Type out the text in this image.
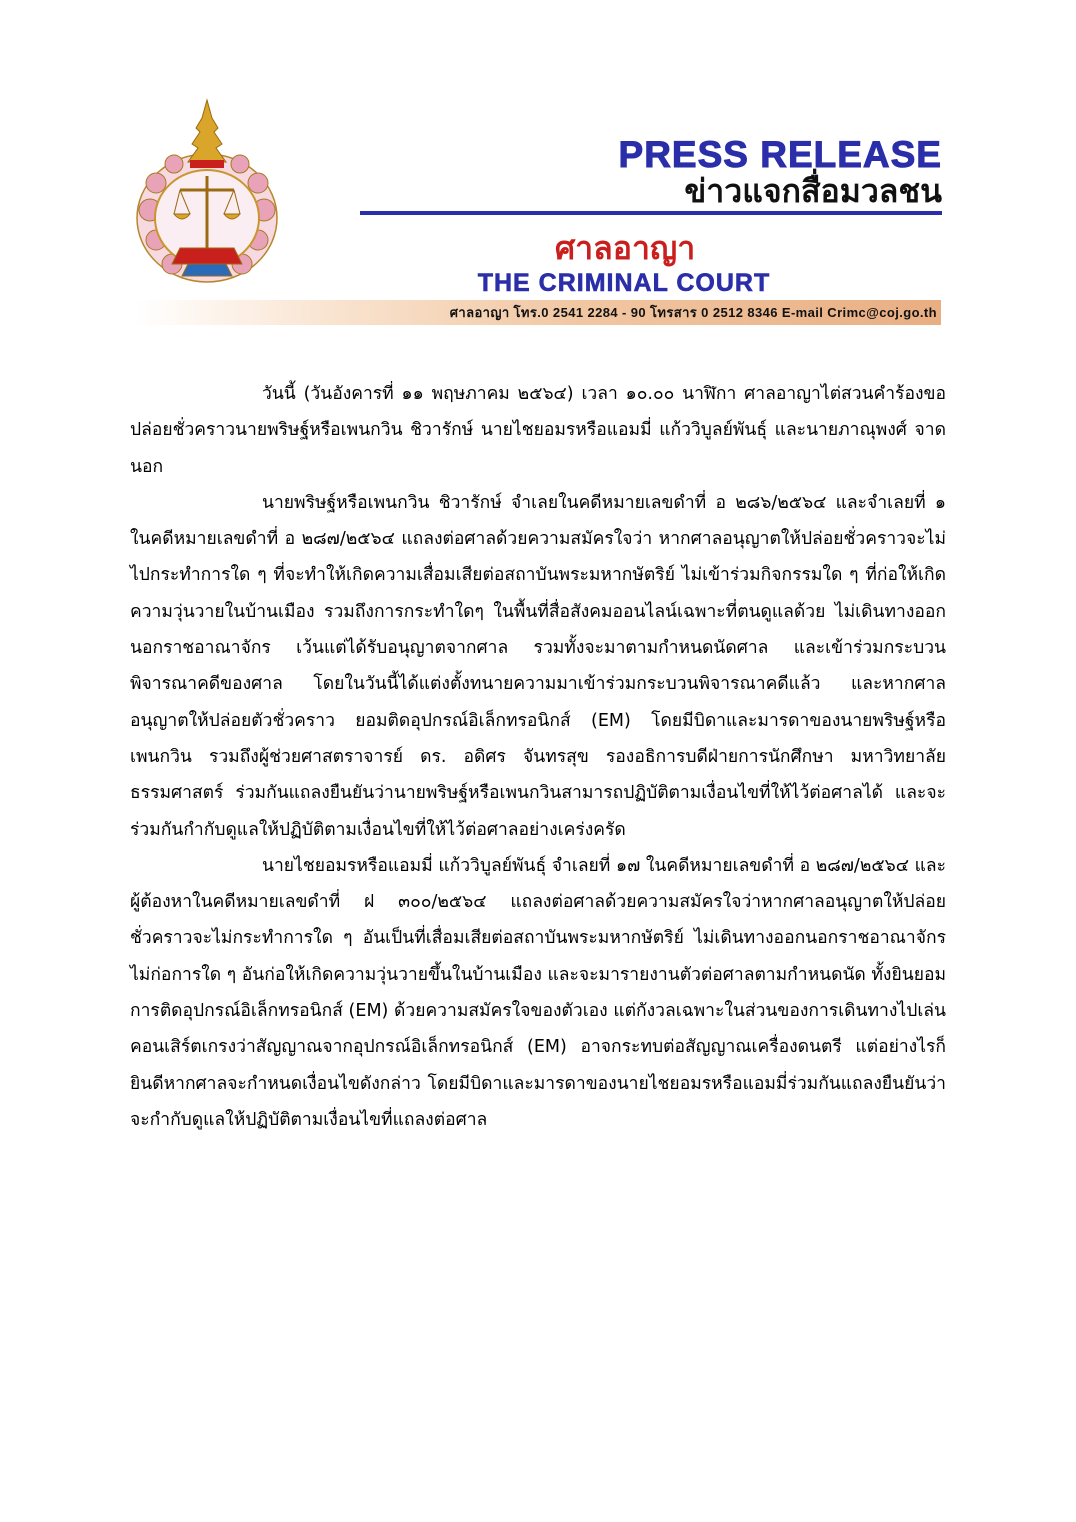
PRESS RELEASE
ข่าวแจกสื่อมวลชน
ศาลอาญา
THE CRIMINAL COURT
ศาลอาญา โทร.0 2541 2284 - 90 โทรสาร 0 2512 8346 E-mail Crimc@coj.go.th

วันนี้ (วันอังคารที่ ๑๑ พฤษภาคม ๒๕๖๔) เวลา ๑๐.๐๐ นาฬิกา ศาลอาญาไต่สวนคำร้องขอปล่อยชั่วคราวนายพริษฐ์หรือเพนกวิน ชิวารักษ์ นายไชยอมรหรือแอมมี่ แก้ววิบูลย์พันธุ์ และนายภาณุพงศ์ จาดนอก

นายพริษฐ์หรือเพนกวิน ชิวารักษ์ จำเลยในคดีหมายเลขดำที่ อ ๒๘๖/๒๕๖๔ และจำเลยที่ ๑ ในคดีหมายเลขดำที่ อ ๒๘๗/๒๕๖๔ แถลงต่อศาลด้วยความสมัครใจว่า หากศาลอนุญาตให้ปล่อยชั่วคราวจะไม่ไปกระทำการใด ๆ ที่จะทำให้เกิดความเสื่อมเสียต่อสถาบันพระมหากษัตริย์ ไม่เข้าร่วมกิจกรรมใด ๆ ที่ก่อให้เกิดความวุ่นวายในบ้านเมือง รวมถึงการกระทำใดๆ ในพื้นที่สื่อสังคมออนไลน์เฉพาะที่ตนดูแลด้วย ไม่เดินทางออกนอกราชอาณาจักร เว้นแต่ได้รับอนุญาตจากศาล รวมทั้งจะมาตามกำหนดนัดศาล และเข้าร่วมกระบวนพิจารณาคดีของศาล โดยในวันนี้ได้แต่งตั้งทนายความมาเข้าร่วมกระบวนพิจารณาคดีแล้ว และหากศาลอนุญาตให้ปล่อยตัวชั่วคราว ยอมติดอุปกรณ์อิเล็กทรอนิกส์ (EM) โดยมีบิดาและมารดาของนายพริษฐ์หรือเพนกวิน รวมถึงผู้ช่วยศาสตราจารย์ ดร. อดิศร จันทรสุข รองอธิการบดีฝ่ายการนักศึกษา มหาวิทยาลัยธรรมศาสตร์ ร่วมกันแถลงยืนยันว่านายพริษฐ์หรือเพนกวินสามารถปฏิบัติตามเงื่อนไขที่ให้ไว้ต่อศาลได้ และจะร่วมกันกำกับดูแลให้ปฏิบัติตามเงื่อนไขที่ให้ไว้ต่อศาลอย่างเคร่งครัด

นายไชยอมรหรือแอมมี่ แก้ววิบูลย์พันธุ์ จำเลยที่ ๑๗ ในคดีหมายเลขดำที่ อ ๒๘๗/๒๕๖๔ และผู้ต้องหาในคดีหมายเลขดำที่ ฝ ๓๐๐/๒๕๖๔ แถลงต่อศาลด้วยความสมัครใจว่าหากศาลอนุญาตให้ปล่อยชั่วคราวจะไม่กระทำการใด ๆ อันเป็นที่เสื่อมเสียต่อสถาบันพระมหากษัตริย์ ไม่เดินทางออกนอกราชอาณาจักร ไม่ก่อการใด ๆ อันก่อให้เกิดความวุ่นวายขึ้นในบ้านเมือง และจะมารายงานตัวต่อศาลตามกำหนดนัด ทั้งยินยอมการติดอุปกรณ์อิเล็กทรอนิกส์ (EM) ด้วยความสมัครใจของตัวเอง แต่กังวลเฉพาะในส่วนของการเดินทางไปเล่นคอนเสิร์ตเกรงว่าสัญญาณจากอุปกรณ์อิเล็กทรอนิกส์ (EM) อาจกระทบต่อสัญญาณเครื่องดนตรี แต่อย่างไรก็ยินดีหากศาลจะกำหนดเงื่อนไขดังกล่าว โดยมีบิดาและมารดาของนายไชยอมรหรือแอมมี่ร่วมกันแถลงยืนยันว่าจะกำกับดูแลให้ปฏิบัติตามเงื่อนไขที่แถลงต่อศาล
